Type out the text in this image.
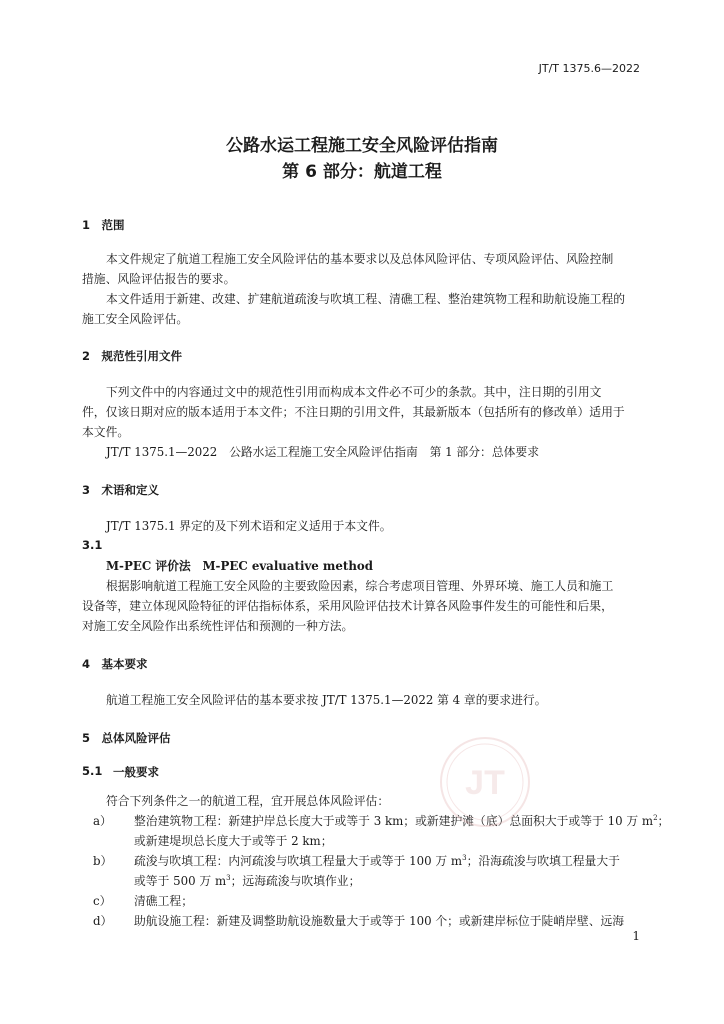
JT/T 1375.6—2022
公路水运工程施工安全风险评估指南
第 6 部分：航道工程
1　范围
本文件规定了航道工程施工安全风险评估的基本要求以及总体风险评估、专项风险评估、风险控制
措施、风险评估报告的要求。
本文件适用于新建、改建、扩建航道疏浚与吹填工程、清礁工程、整治建筑物工程和助航设施工程的
施工安全风险评估。
2　规范性引用文件
下列文件中的内容通过文中的规范性引用而构成本文件必不可少的条款。其中，注日期的引用文
件，仅该日期对应的版本适用于本文件；不注日期的引用文件，其最新版本（包括所有的修改单）适用于
本文件。
JT/T 1375.1—2022　公路水运工程施工安全风险评估指南　第 1 部分：总体要求
3　术语和定义
JT/T 1375.1 界定的及下列术语和定义适用于本文件。
3.1
M-PEC 评价法　M-PEC evaluative method
根据影响航道工程施工安全风险的主要致险因素，综合考虑项目管理、外界环境、施工人员和施工
设备等，建立体现风险特征的评估指标体系，采用风险评估技术计算各风险事件发生的可能性和后果，
对施工安全风险作出系统性评估和预测的一种方法。
4　基本要求
航道工程施工安全风险评估的基本要求按 JT/T 1375.1—2022 第 4 章的要求进行。
5　总体风险评估
5.1 一般要求
符合下列条件之一的航道工程，宜开展总体风险评估：
a） 整治建筑物工程：新建护岸总长度大于或等于 3 km；或新建护滩（底）总面积大于或等于 10 万 $m^2$；
或新建堤坝总长度大于或等于 2 km；
b） 疏浚与吹填工程：内河疏浚与吹填工程量大于或等于 100 万 $m^3$；沿海疏浚与吹填工程量大于
或等于 500 万 $m^3$；远海疏浚与吹填作业；
c） 清礁工程；
d） 助航设施工程：新建及调整助航设施数量大于或等于 100 个；或新建岸标位于陡峭岸壁、远海
JT
1
